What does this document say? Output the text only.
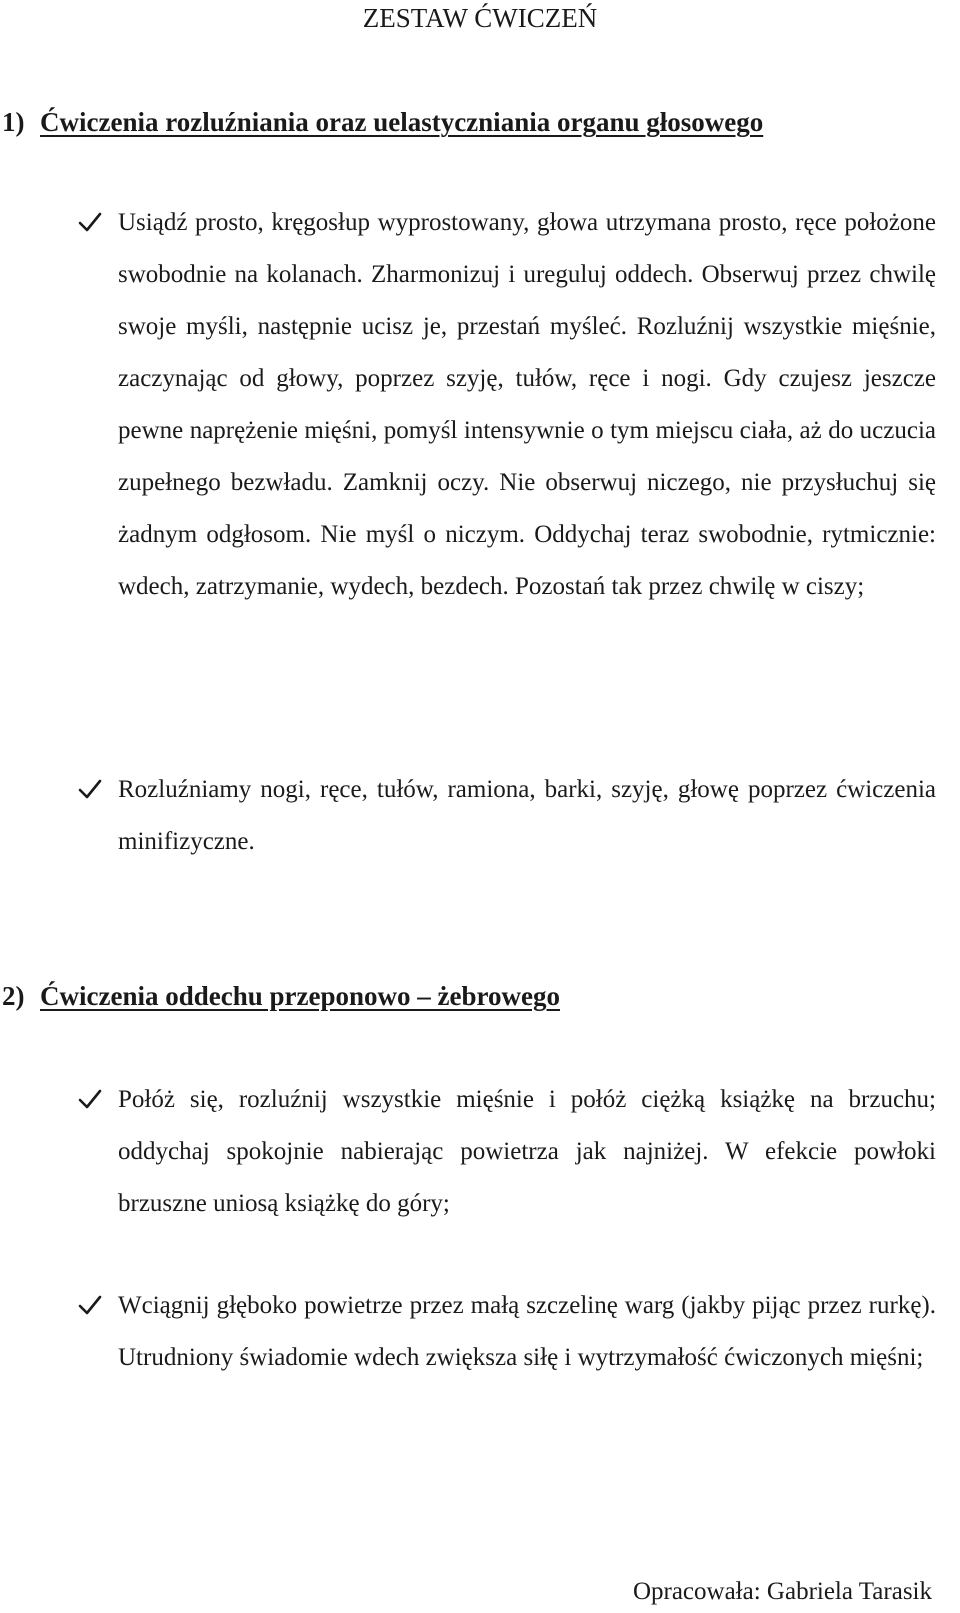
ZESTAW ĆWICZEŃ
1) Ćwiczenia rozluźniania oraz uelastyczniania organu głosowego
Usiądź prosto, kręgosłup wyprostowany, głowa utrzymana prosto, ręce położone swobodnie na kolanach. Zharmonizuj i ureguluj oddech. Obserwuj przez chwilę swoje myśli, następnie ucisz je, przestań myśleć. Rozluźnij wszystkie mięśnie, zaczynając od głowy, poprzez szyję, tułów, ręce i nogi. Gdy czujesz jeszcze pewne naprężenie mięśni, pomyśl intensywnie o tym miejscu ciała, aż do uczucia zupełnego bezwładu. Zamknij oczy. Nie obserwuj niczego, nie przysłuchuj się żadnym odgłosom. Nie myśl o niczym. Oddychaj teraz swobodnie, rytmicznie: wdech, zatrzymanie, wydech, bezdech. Pozostań tak przez chwilę w ciszy;
Rozluźniamy nogi, ręce, tułów, ramiona, barki, szyję, głowę poprzez ćwiczenia minifizyczne.
2) Ćwiczenia oddechu przeponowo – żebrowego
Połóż się, rozluźnij wszystkie mięśnie i połóż ciężką książkę na brzuchu; oddychaj spokojnie nabierając powietrza jak najniżej. W efekcie powłoki brzuszne uniosą książkę do góry;
Wciągnij głęboko powietrze przez małą szczelinę warg (jakby pijąc przez rurkę). Utrudniony świadomie wdech zwiększa siłę i wytrzymałość ćwiczonych mięśni;
Opracowała: Gabriela Tarasik
